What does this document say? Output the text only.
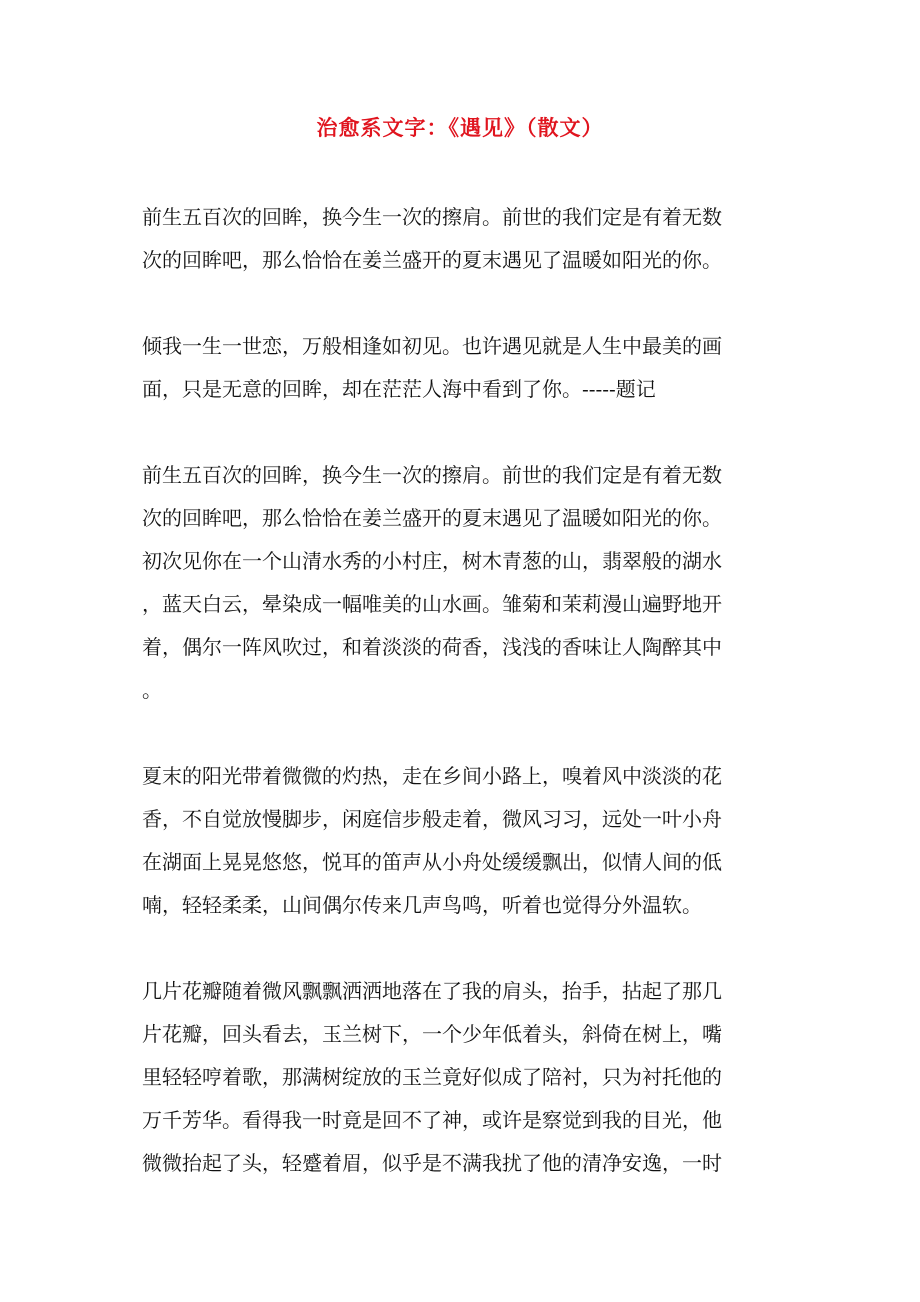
治愈系文字：《遇见》（散文）
前生五百次的回眸，换今生一次的擦肩。前世的我们定是有着无数
次的回眸吧，那么恰恰在姜兰盛开的夏末遇见了温暖如阳光的你。
倾我一生一世恋，万般相逢如初见。也许遇见就是人生中最美的画
面，只是无意的回眸，却在茫茫人海中看到了你。-----题记
前生五百次的回眸，换今生一次的擦肩。前世的我们定是有着无数
次的回眸吧，那么恰恰在姜兰盛开的夏末遇见了温暖如阳光的你。
初次见你在一个山清水秀的小村庄，树木青葱的山，翡翠般的湖水
，蓝天白云，晕染成一幅唯美的山水画。雏菊和茉莉漫山遍野地开
着，偶尔一阵风吹过，和着淡淡的荷香，浅浅的香味让人陶醉其中
。
夏末的阳光带着微微的灼热，走在乡间小路上，嗅着风中淡淡的花
香，不自觉放慢脚步，闲庭信步般走着，微风习习，远处一叶小舟
在湖面上晃晃悠悠，悦耳的笛声从小舟处缓缓飘出，似情人间的低
喃，轻轻柔柔，山间偶尔传来几声鸟鸣，听着也觉得分外温软。
几片花瓣随着微风飘飘洒洒地落在了我的肩头，抬手，拈起了那几
片花瓣，回头看去，玉兰树下，一个少年低着头，斜倚在树上，嘴
里轻轻哼着歌，那满树绽放的玉兰竟好似成了陪衬，只为衬托他的
万千芳华。看得我一时竟是回不了神，或许是察觉到我的目光，他
微微抬起了头，轻蹙着眉，似乎是不满我扰了他的清净安逸，一时
